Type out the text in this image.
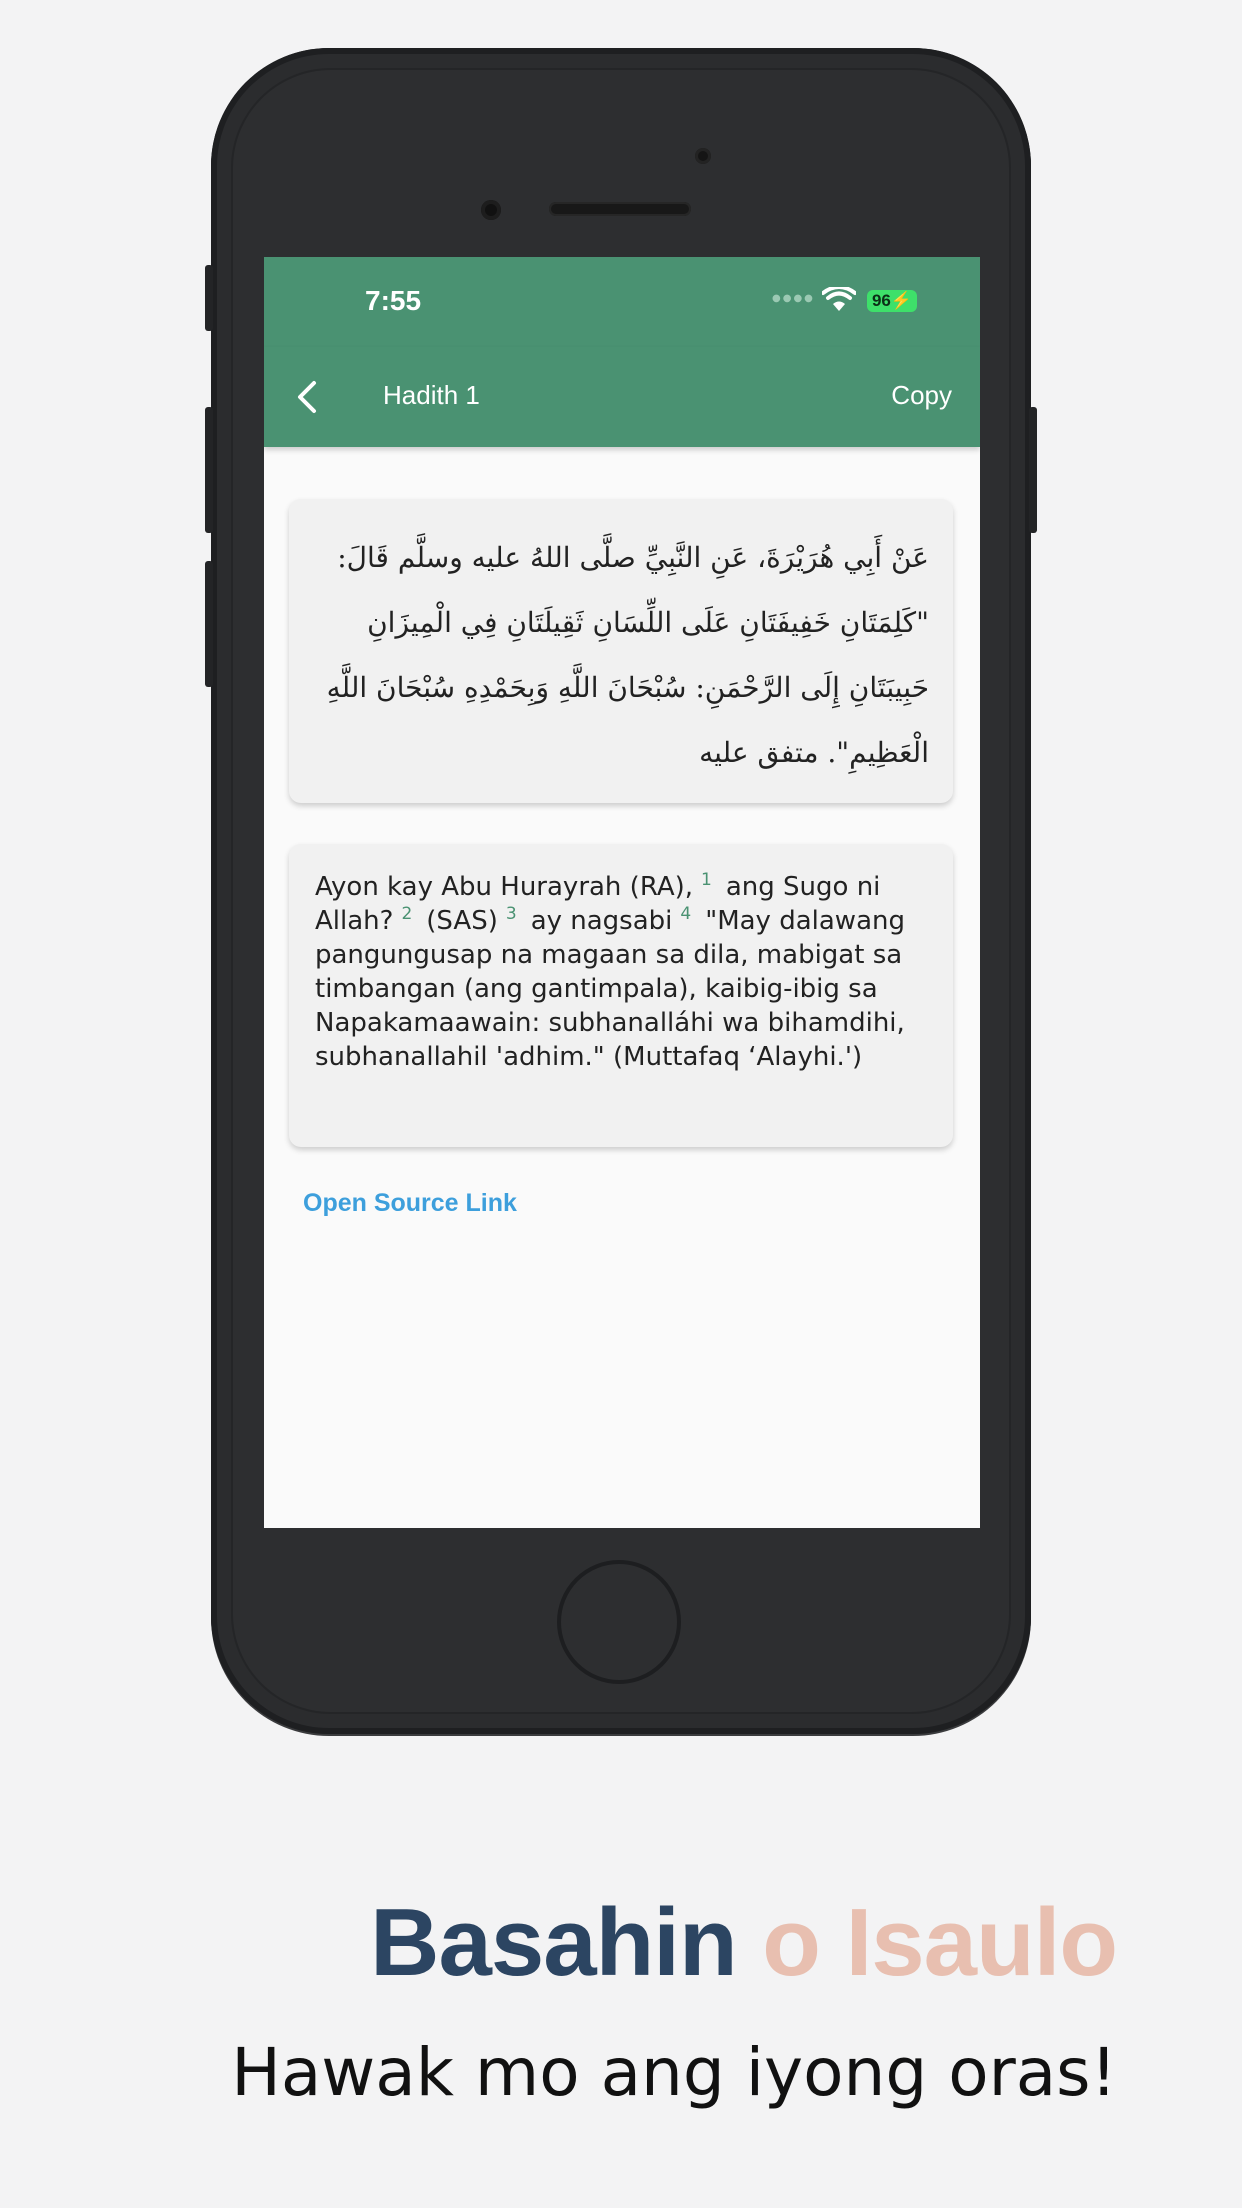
7:55	●●●●	96⚡
Hadith 1	Copy
عَنْ أَبِي هُرَيْرَةَ، عَنِ النَّبِيِّ صلَّى اللهُ عليه وسلَّم قَالَ: "كَلِمَتَانِ خَفِيفَتَانِ عَلَى اللِّسَانِ ثَقِيلَتَانِ فِي الْمِيزَانِ حَبِيبَتَانِ إِلَى الرَّحْمَنِ: سُبْحَانَ اللَّهِ وَبِحَمْدِهِ سُبْحَانَ اللَّهِ الْعَظِيمِ". متفق عليه
Ayon kay Abu Hurayrah (RA), $^1$ ang Sugo ni Allah? $^2$ (SAS) $^3$ ay nagsabi $^4$ "May dalawang pangungusap na magaan sa dila, mabigat sa timbangan (ang gantimpala), kaibig-ibig sa Napakamaawain: subhanalláhi wa bihamdihi, subhanallahil 'adhim." (Muttafaq ‘Alayhi.')
Open Source Link
Basahin o Isaulo
Hawak mo ang iyong oras!
